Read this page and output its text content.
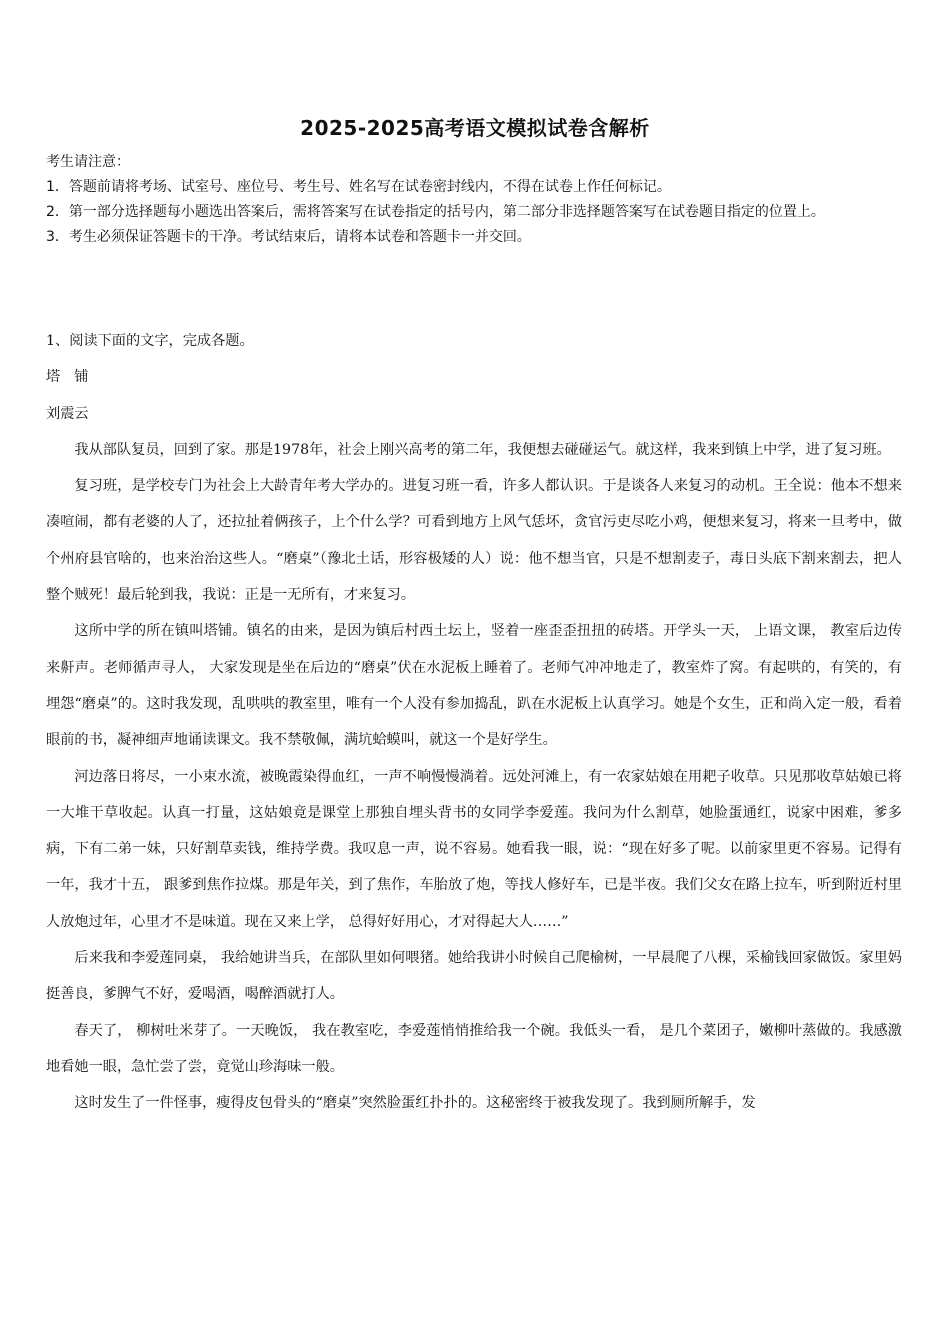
2025-2025高考语文模拟试卷含解析
考生请注意：
1．答题前请将考场、试室号、座位号、考生号、姓名写在试卷密封线内，不得在试卷上作任何标记。
2．第一部分选择题每小题选出答案后，需将答案写在试卷指定的括号内，第二部分非选择题答案写在试卷题目指定的位置上。
3．考生必须保证答题卡的干净。考试结束后，请将本试卷和答题卡一并交回。

1、阅读下面的文字，完成各题。

塔铺

刘震云

我从部队复员，回到了家。那是1978年，社会上刚兴高考的第二年，我便想去碰碰运气。就这样，我来到镇上中学，进了复习班。

复习班，是学校专门为社会上大龄青年考大学办的。进复习班一看，许多人都认识。于是谈各人来复习的动机。王全说：他本不想来凑喧闹，都有老婆的人了，还拉扯着俩孩子，上个什么学？可看到地方上风气恁坏，贪官污吏尽吃小鸡，便想来复习，将来一旦考中，做个州府县官啥的，也来治治这些人。“磨桌”（豫北土话，形容极矮的人）说：他不想当官，只是不想割麦子，毒日头底下割来割去，把人整个贼死！最后轮到我，我说：正是一无所有，才来复习。

这所中学的所在镇叫塔铺。镇名的由来，是因为镇后村西土坛上，竖着一座歪歪扭扭的砖塔。开学头一天， 上语文课， 教室后边传来鼾声。老师循声寻人， 大家发现是坐在后边的“磨桌”伏在水泥板上睡着了。老师气冲冲地走了，教室炸了窝。有起哄的，有笑的，有埋怨“磨桌”的。这时我发现，乱哄哄的教室里，唯有一个人没有参加捣乱，趴在水泥板上认真学习。她是个女生，正和尚入定一般，看着眼前的书，凝神细声地诵读课文。我不禁敬佩，满坑蛤蟆叫，就这一个是好学生。

河边落日将尽，一小束水流，被晚霞染得血红，一声不响慢慢淌着。远处河滩上，有一农家姑娘在用耙子收草。只见那收草姑娘已将一大堆干草收起。认真一打量，这姑娘竟是课堂上那独自埋头背书的女同学李爱莲。我问为什么割草，她脸蛋通红，说家中困难，爹多病，下有二弟一妹，只好割草卖钱，维持学费。我叹息一声，说不容易。她看我一眼，说：“现在好多了呢。以前家里更不容易。记得有一年，我才十五， 跟爹到焦作拉煤。那是年关，到了焦作，车胎放了炮，等找人修好车，已是半夜。我们父女在路上拉车，听到附近村里人放炮过年，心里才不是味道。现在又来上学， 总得好好用心，才对得起大人……”

后来我和李爱莲同桌， 我给她讲当兵，在部队里如何喂猪。她给我讲小时候自己爬榆树，一早晨爬了八棵，采榆钱回家做饭。家里妈挺善良，爹脾气不好，爱喝酒，喝醉酒就打人。

春天了， 柳树吐米芽了。一天晚饭， 我在教室吃，李爱莲悄悄推给我一个碗。我低头一看， 是几个菜团子，嫩柳叶蒸做的。我感激地看她一眼，急忙尝了尝，竟觉山珍海味一般。

这时发生了一件怪事，瘦得皮包骨头的“磨桌”突然脸蛋红扑扑的。这秘密终于被我发现了。我到厕所解手，发
